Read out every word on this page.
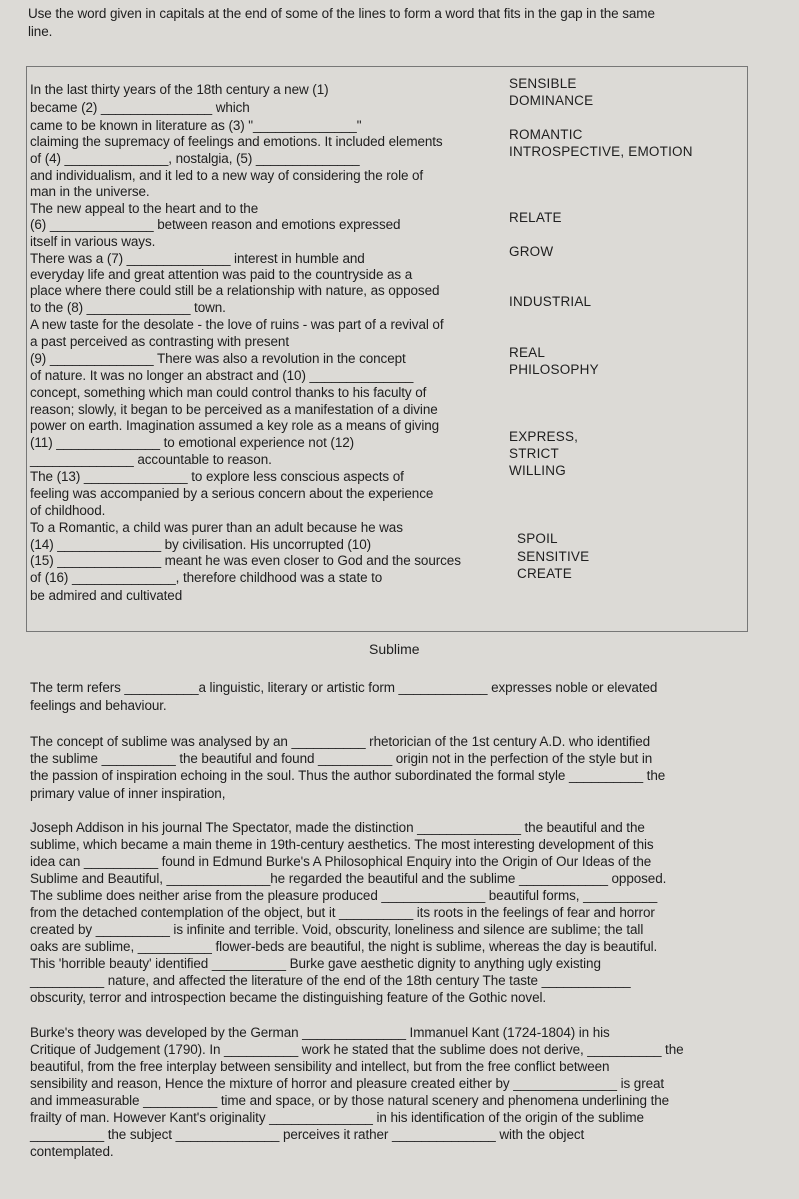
Use the word given in capitals at the end of some of the lines to form a word that fits in the gap in the same
line.
In the last thirty years of the 18th century a new (1)
became (2) _______________ which
came to be known in literature as (3) "______________"
claiming the supremacy of feelings and emotions. It included elements
of (4) ______________, nostalgia, (5) ______________
and individualism, and it led to a new way of considering the role of
man in the universe.
The new appeal to the heart and to the
(6) ______________ between reason and emotions expressed
itself in various ways.
There was a (7) ______________ interest in humble and
everyday life and great attention was paid to the countryside as a
place where there could still be a relationship with nature, as opposed
to the (8) ______________ town.
A new taste for the desolate - the love of ruins - was part of a revival of
a past perceived as contrasting with present
(9) ______________ There was also a revolution in the concept
of nature. It was no longer an abstract and (10) ______________
concept, something which man could control thanks to his faculty of
reason; slowly, it began to be perceived as a manifestation of a divine
power on earth. Imagination assumed a key role as a means of giving
(11) ______________ to emotional experience not (12)
______________ accountable to reason.
The (13) ______________ to explore less conscious aspects of
feeling was accompanied by a serious concern about the experience
of childhood.
To a Romantic, a child was purer than an adult because he was
(14) ______________ by civilisation. His uncorrupted (10)
(15) ______________ meant he was even closer to God and the sources
of (16) ______________, therefore childhood was a state to
be admired and cultivated
SENSIBLE
DOMINANCE
ROMANTIC
INTROSPECTIVE, EMOTION
RELATE
GROW
INDUSTRIAL
REAL
PHILOSOPHY
EXPRESS,
STRICT
WILLING
SPOIL
SENSITIVE
CREATE
Sublime
The term refers __________a linguistic, literary or artistic form ____________ expresses noble or elevated
feelings and behaviour.
The concept of sublime was analysed by an __________ rhetorician of the 1st century A.D. who identified
the sublime __________ the beautiful and found __________ origin not in the perfection of the style but in
the passion of inspiration echoing in the soul. Thus the author subordinated the formal style __________ the
primary value of inner inspiration,
Joseph Addison in his journal The Spectator, made the distinction ______________ the beautiful and the
sublime, which became a main theme in 19th-century aesthetics. The most interesting development of this
idea can __________ found in Edmund Burke's A Philosophical Enquiry into the Origin of Our Ideas of the
Sublime and Beautiful, ______________he regarded the beautiful and the sublime ____________ opposed.
The sublime does neither arise from the pleasure produced ______________ beautiful forms, __________
from the detached contemplation of the object, but it __________ its roots in the feelings of fear and horror
created by __________ is infinite and terrible. Void, obscurity, loneliness and silence are sublime; the tall
oaks are sublime, __________ flower-beds are beautiful, the night is sublime, whereas the day is beautiful.
This 'horrible beauty' identified __________ Burke gave aesthetic dignity to anything ugly existing
__________ nature, and affected the literature of the end of the 18th century The taste ____________
obscurity, terror and introspection became the distinguishing feature of the Gothic novel.
Burke's theory was developed by the German ______________ Immanuel Kant (1724-1804) in his
Critique of Judgement (1790). In __________ work he stated that the sublime does not derive, __________ the
beautiful, from the free interplay between sensibility and intellect, but from the free conflict between
sensibility and reason, Hence the mixture of horror and pleasure created either by ______________ is great
and immeasurable __________ time and space, or by those natural scenery and phenomena underlining the
frailty of man. However Kant's originality ______________ in his identification of the origin of the sublime
__________ the subject ______________ perceives it rather ______________ with the object
contemplated.
